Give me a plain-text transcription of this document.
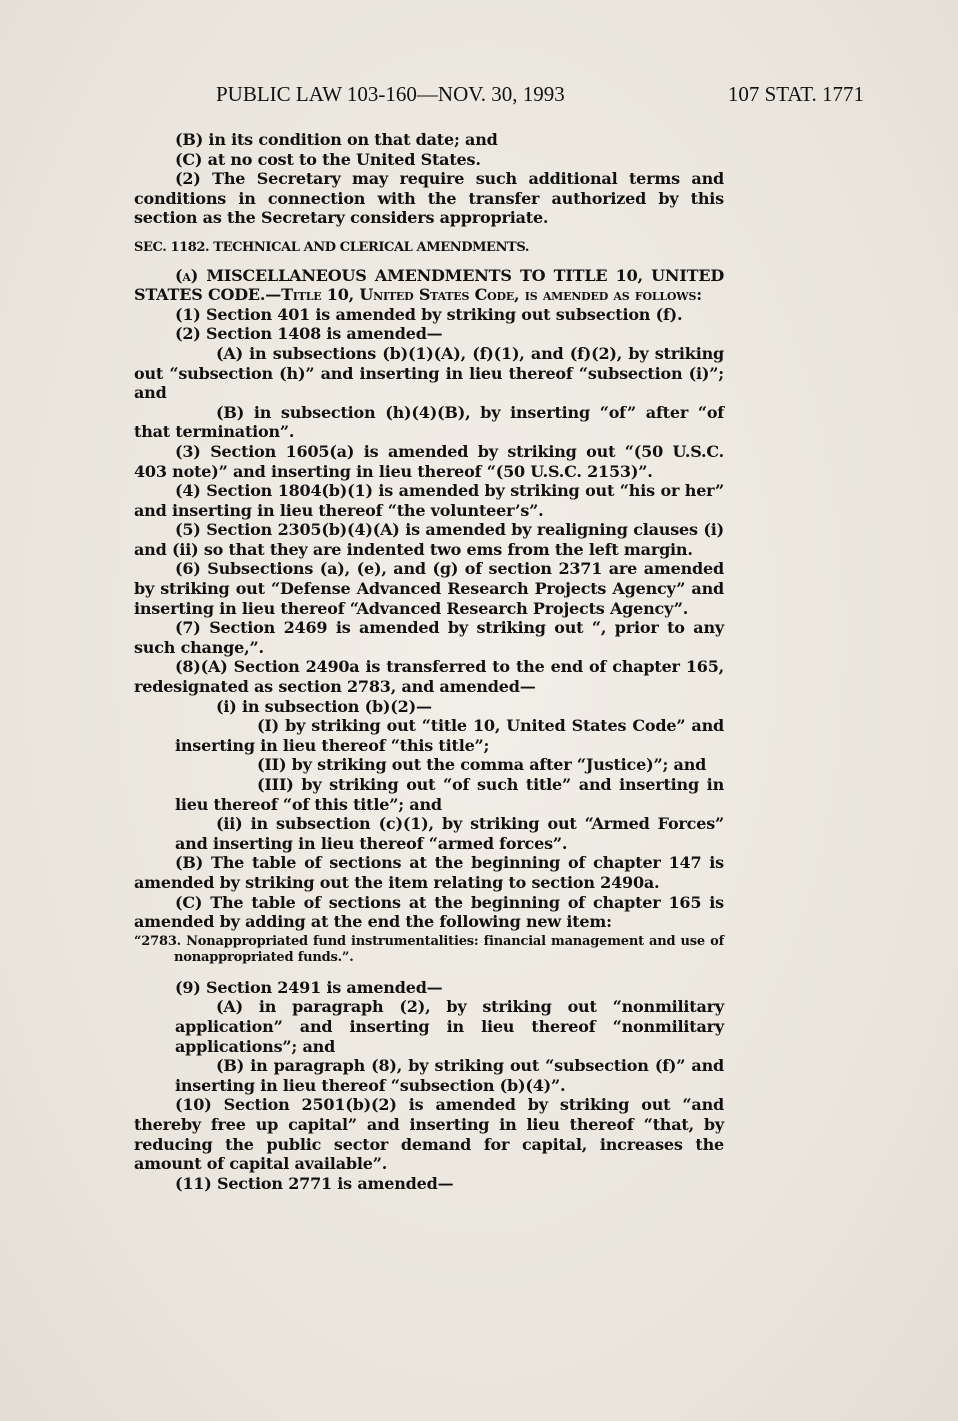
PUBLIC LAW 103-160—NOV. 30, 1993	107 STAT. 1771

(B) in its condition on that date; and

(C) at no cost to the United States.

(2) The Secretary may require such additional terms and conditions in connection with the transfer authorized by this section as the Secretary considers appropriate.

SEC. 1182. TECHNICAL AND CLERICAL AMENDMENTS.

(a) MISCELLANEOUS AMENDMENTS TO TITLE 10, UNITED STATES CODE.—Title 10, United States Code, is amended as follows:

(1) Section 401 is amended by striking out subsection (f).

(2) Section 1408 is amended—

(A) in subsections (b)(1)(A), (f)(1), and (f)(2), by striking out “subsection (h)” and inserting in lieu thereof “subsection (i)”; and

(B) in subsection (h)(4)(B), by inserting “of” after “of that termination”.

(3) Section 1605(a) is amended by striking out “(50 U.S.C. 403 note)” and inserting in lieu thereof “(50 U.S.C. 2153)”.

(4) Section 1804(b)(1) is amended by striking out “his or her” and inserting in lieu thereof “the volunteer’s”.

(5) Section 2305(b)(4)(A) is amended by realigning clauses (i) and (ii) so that they are indented two ems from the left margin.

(6) Subsections (a), (e), and (g) of section 2371 are amended by striking out “Defense Advanced Research Projects Agency” and inserting in lieu thereof “Advanced Research Projects Agency”.

(7) Section 2469 is amended by striking out “, prior to any such change,”.

(8)(A) Section 2490a is transferred to the end of chapter 165, redesignated as section 2783, and amended—

(i) in subsection (b)(2)—

(I) by striking out “title 10, United States Code” and inserting in lieu thereof “this title”;

(II) by striking out the comma after “Justice)”; and

(III) by striking out “of such title” and inserting in lieu thereof “of this title”; and

(ii) in subsection (c)(1), by striking out “Armed Forces” and inserting in lieu thereof “armed forces”.

(B) The table of sections at the beginning of chapter 147 is amended by striking out the item relating to section 2490a.

(C) The table of sections at the beginning of chapter 165 is amended by adding at the end the following new item:

“2783. Nonappropriated fund instrumentalities: financial management and use of nonappropriated funds.”.

(9) Section 2491 is amended—

(A) in paragraph (2), by striking out “nonmilitary application” and inserting in lieu thereof “nonmilitary applications”; and

(B) in paragraph (8), by striking out “subsection (f)” and inserting in lieu thereof “subsection (b)(4)”.

(10) Section 2501(b)(2) is amended by striking out “and thereby free up capital” and inserting in lieu thereof “that, by reducing the public sector demand for capital, increases the amount of capital available”.

(11) Section 2771 is amended—
